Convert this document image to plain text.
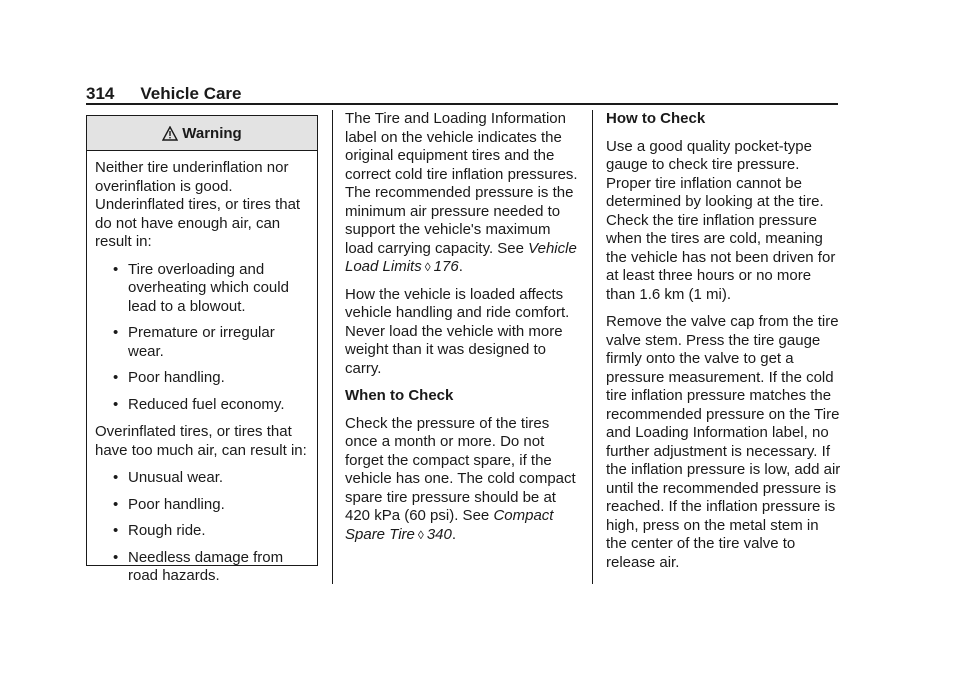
314 Vehicle Care
Warning

Neither tire underinflation nor overinflation is good. Underinflated tires, or tires that do not have enough air, can result in:

• Tire overloading and overheating which could lead to a blowout.
• Premature or irregular wear.
• Poor handling.
• Reduced fuel economy.

Overinflated tires, or tires that have too much air, can result in:

• Unusual wear.
• Poor handling.
• Rough ride.
• Needless damage from road hazards.

The Tire and Loading Information label on the vehicle indicates the original equipment tires and the correct cold tire inflation pressures. The recommended pressure is the minimum air pressure needed to support the vehicle's maximum load carrying capacity. See Vehicle Load Limits ◊ 176.

How the vehicle is loaded affects vehicle handling and ride comfort. Never load the vehicle with more weight than it was designed to carry.

When to Check

Check the pressure of the tires once a month or more. Do not forget the compact spare, if the vehicle has one. The cold compact spare tire pressure should be at 420 kPa (60 psi). See Compact Spare Tire ◊ 340.

How to Check

Use a good quality pocket-type gauge to check tire pressure. Proper tire inflation cannot be determined by looking at the tire. Check the tire inflation pressure when the tires are cold, meaning the vehicle has not been driven for at least three hours or no more than 1.6 km (1 mi).

Remove the valve cap from the tire valve stem. Press the tire gauge firmly onto the valve to get a pressure measurement. If the cold tire inflation pressure matches the recommended pressure on the Tire and Loading Information label, no further adjustment is necessary. If the inflation pressure is low, add air until the recommended pressure is reached. If the inflation pressure is high, press on the metal stem in the center of the tire valve to release air.
